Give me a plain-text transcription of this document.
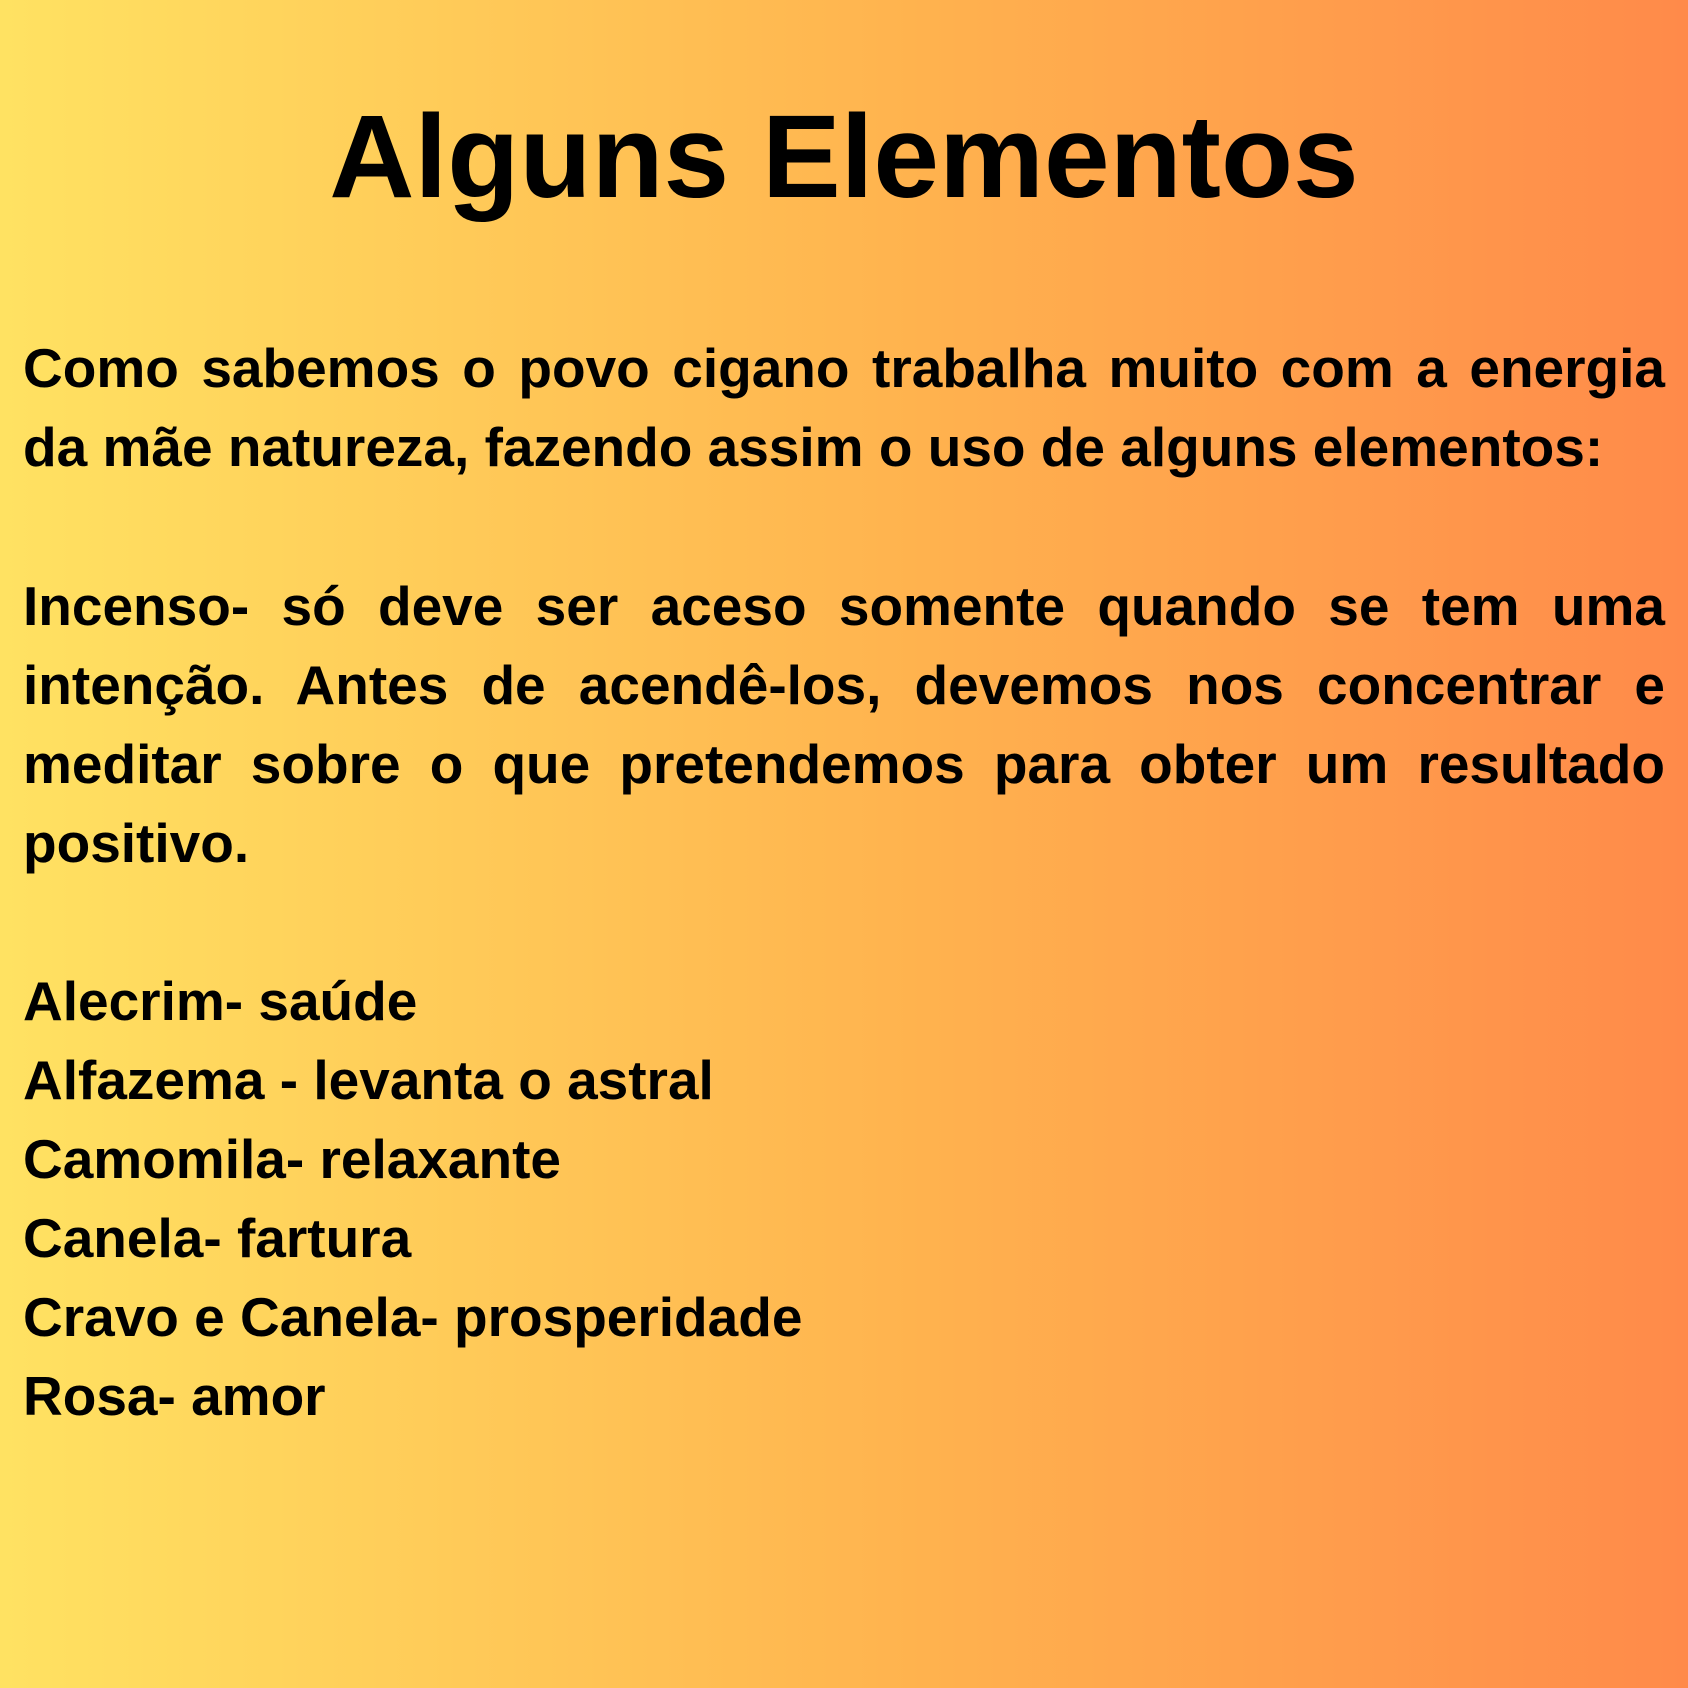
Alguns Elementos

Como sabemos o povo cigano trabalha muito com a energia da mãe natureza, fazendo assim o uso de alguns elementos:

Incenso- só deve ser aceso somente quando se tem uma intenção. Antes de acendê-los, devemos nos concentrar e meditar sobre o que pretendemos para obter um resultado positivo.

Alecrim- saúde
Alfazema - levanta o astral
Camomila- relaxante
Canela- fartura
Cravo e Canela- prosperidade
Rosa- amor
